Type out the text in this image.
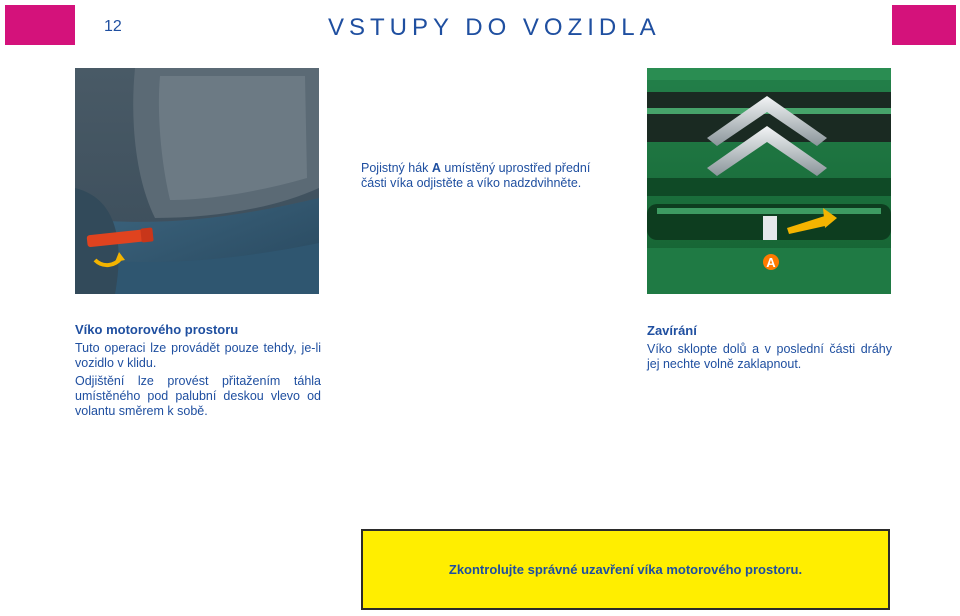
12	VSTUPY DO VOZIDLA
Pojistný hák A umístěný uprostřed přední části víka odjistěte a víko nadzdvihněte.
A
Víko motorového prostoru
Tuto operaci lze provádět pouze tehdy, je-li vozidlo v klidu.
Odjištění lze provést přitažením táhla umístěného pod palubní deskou vlevo od volantu směrem k sobě.
Zavírání
Víko sklopte dolů a v poslední části dráhy jej nechte volně zaklapnout.
Zkontrolujte správné uzavření víka motorového prostoru.
